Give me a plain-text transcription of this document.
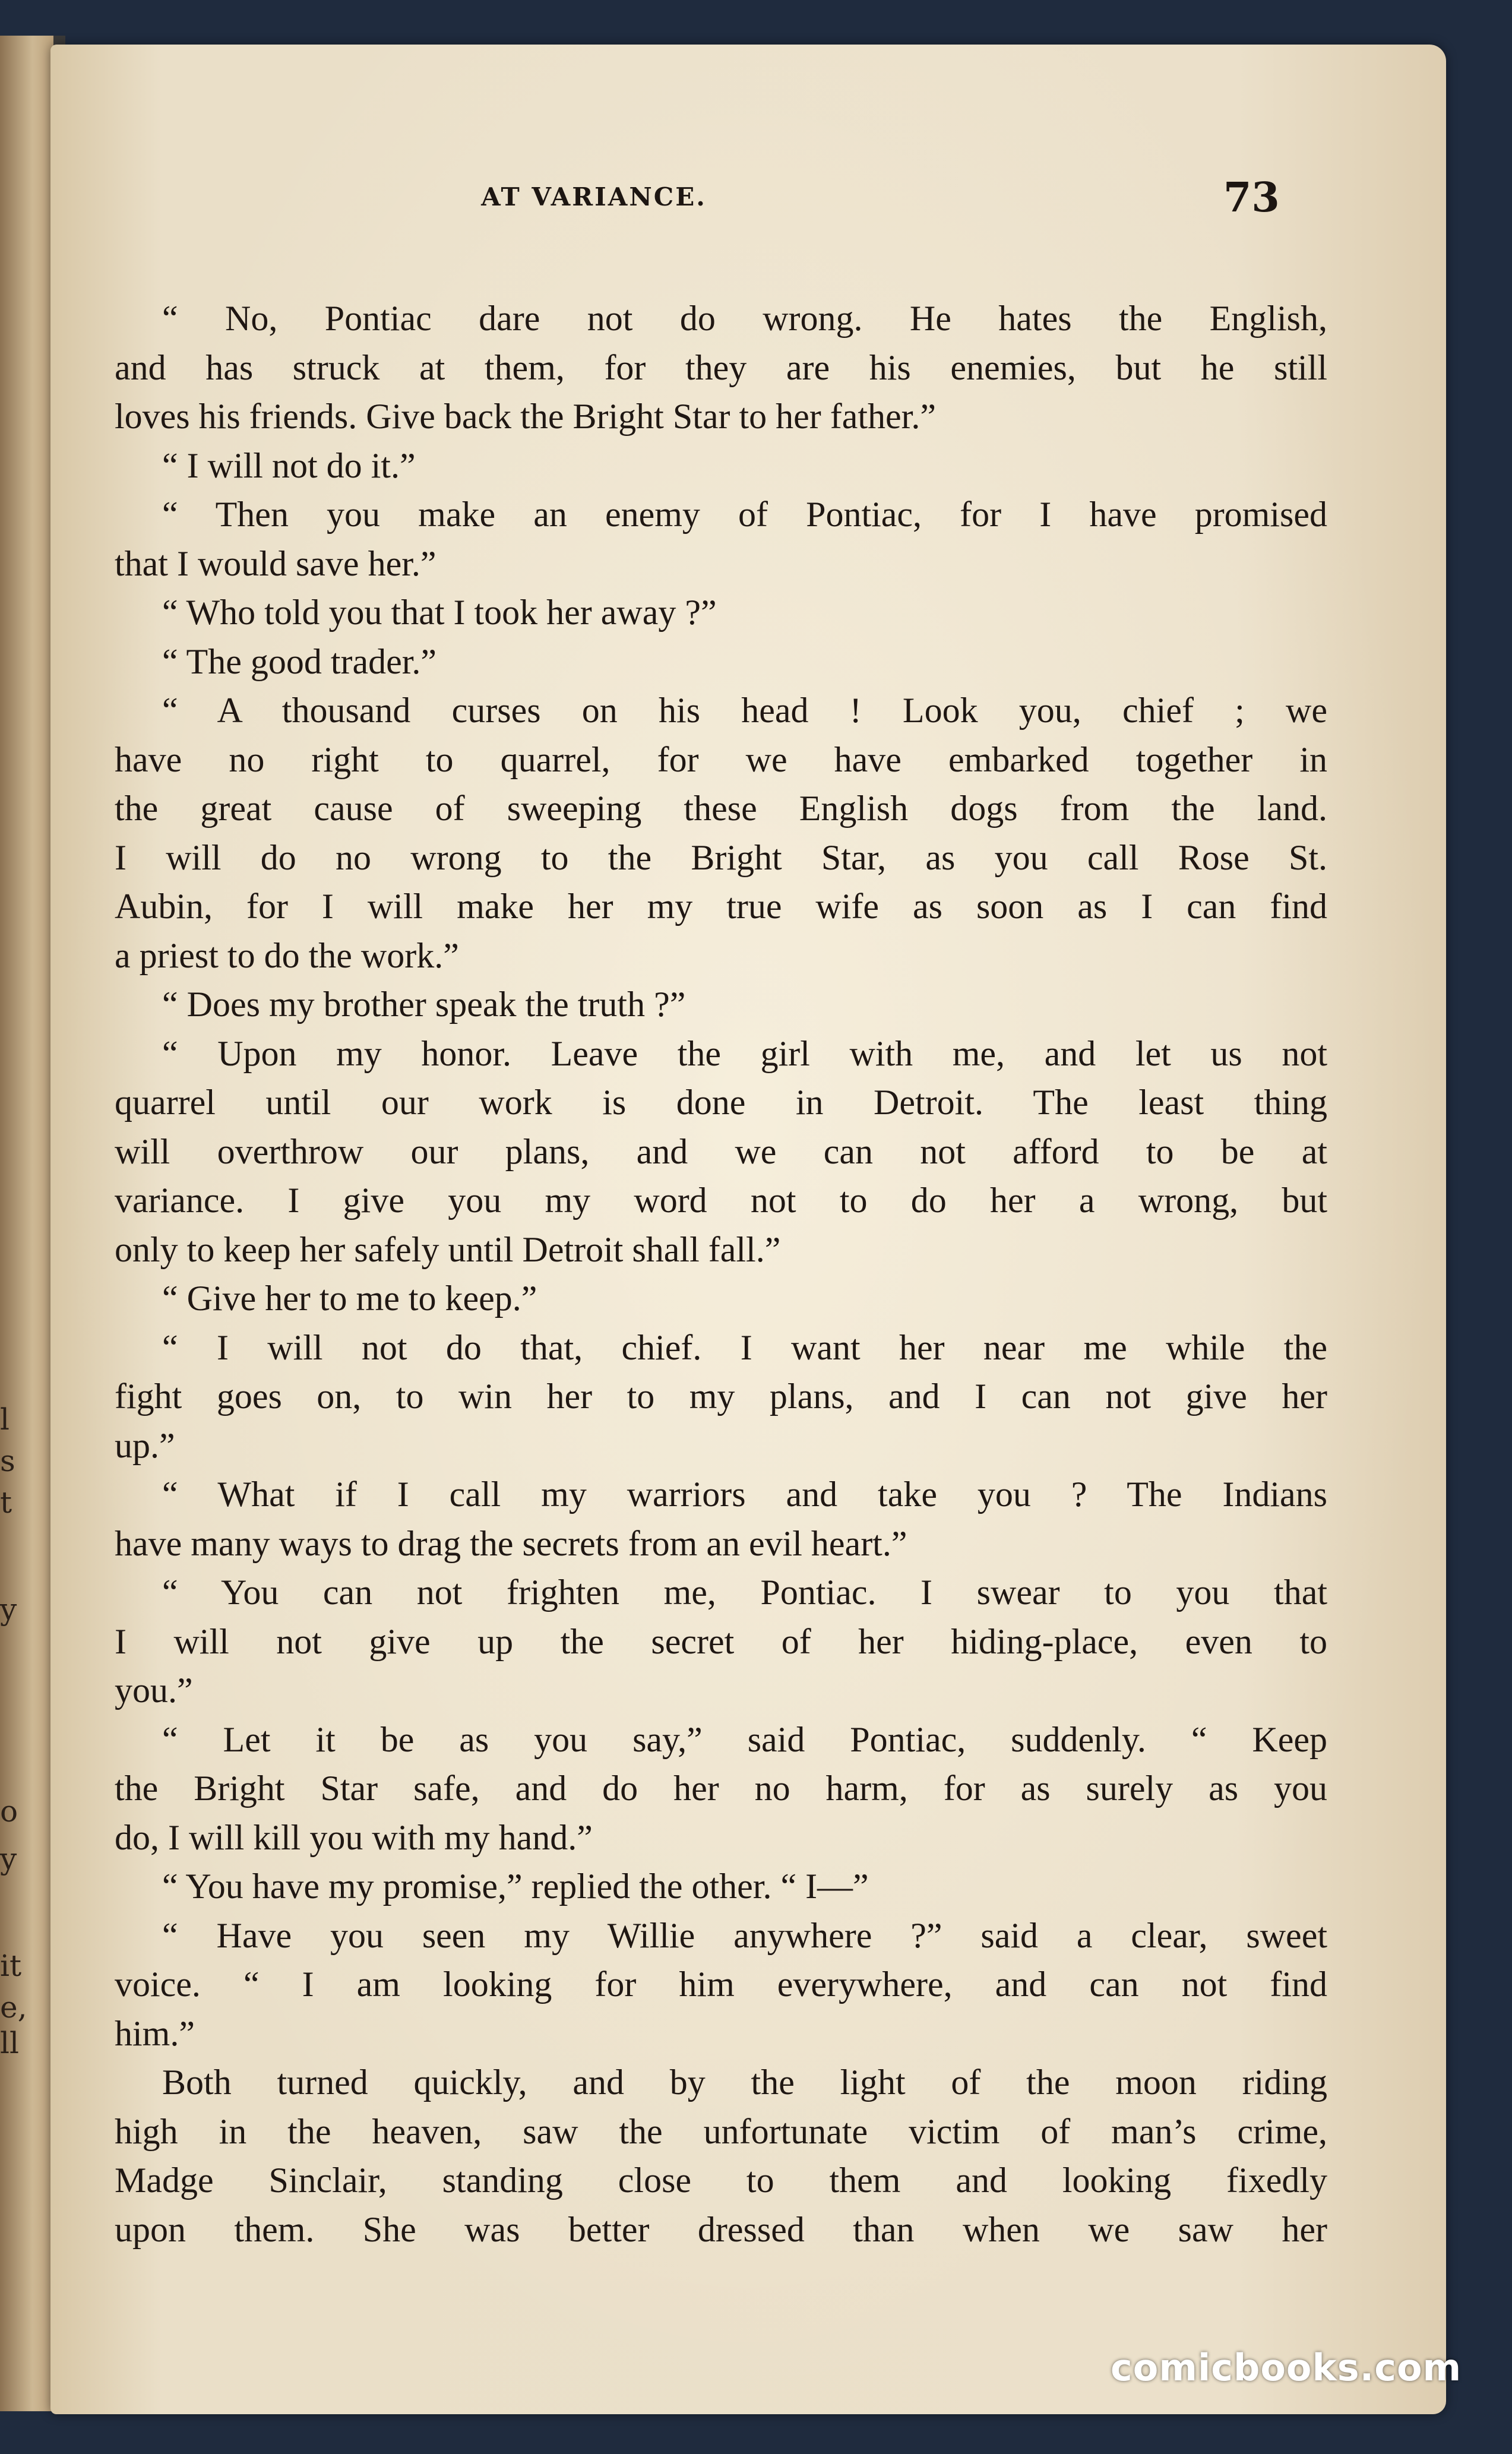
l
s
t
y
o
y
it
e,
ll
AT VARIANCE.	73
“ No, Pontiac dare not do wrong. He hates the English,
and has struck at them, for they are his enemies, but he still
loves his friends. Give back the Bright Star to her father.”
“ I will not do it.”
“ Then you make an enemy of Pontiac, for I have promised
that I would save her.”
“ Who told you that I took her away ?”
“ The good trader.”
“ A thousand curses on his head ! Look you, chief ; we
have no right to quarrel, for we have embarked together in
the great cause of sweeping these English dogs from the land.
I will do no wrong to the Bright Star, as you call Rose St.
Aubin, for I will make her my true wife as soon as I can find
a priest to do the work.”
“ Does my brother speak the truth ?”
“ Upon my honor. Leave the girl with me, and let us not
quarrel until our work is done in Detroit. The least thing
will overthrow our plans, and we can not afford to be at
variance. I give you my word not to do her a wrong, but
only to keep her safely until Detroit shall fall.”
“ Give her to me to keep.”
“ I will not do that, chief. I want her near me while the
fight goes on, to win her to my plans, and I can not give her
up.”
“ What if I call my warriors and take you ? The Indians
have many ways to drag the secrets from an evil heart.”
“ You can not frighten me, Pontiac. I swear to you that
I will not give up the secret of her hiding-place, even to
you.”
“ Let it be as you say,” said Pontiac, suddenly. “ Keep
the Bright Star safe, and do her no harm, for as surely as you
do, I will kill you with my hand.”
“ You have my promise,” replied the other. “ I—”
“ Have you seen my Willie anywhere ?” said a clear, sweet
voice. “ I am looking for him everywhere, and can not find
him.”
Both turned quickly, and by the light of the moon riding
high in the heaven, saw the unfortunate victim of man’s crime,
Madge Sinclair, standing close to them and looking fixedly
upon them. She was better dressed than when we saw her
comicbooks.com
